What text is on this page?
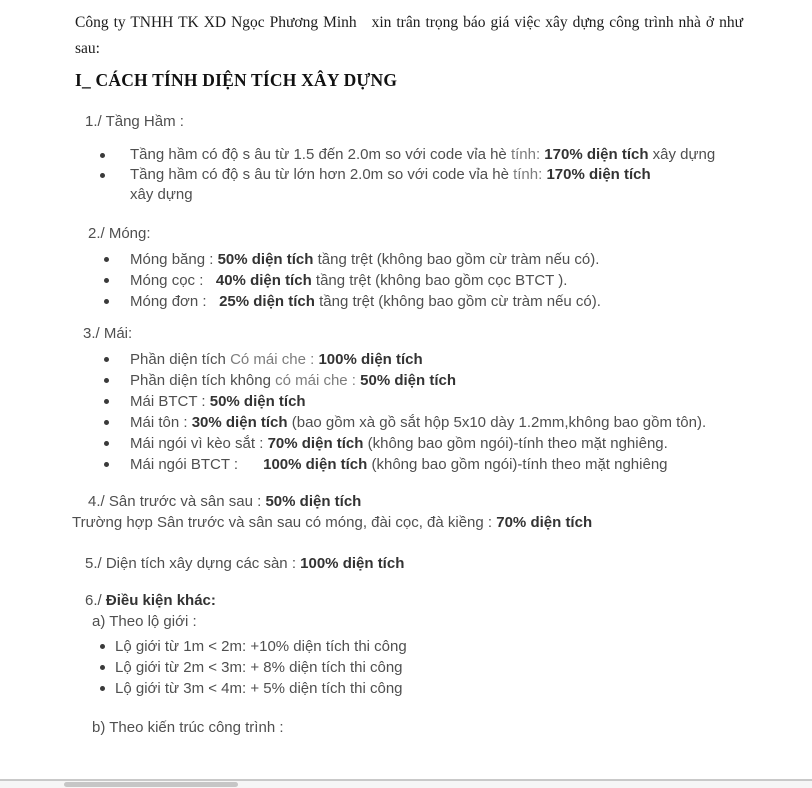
Công ty TNHH TK XD Ngọc Phương Minh   xin trân trọng báo giá việc xây dựng công trình nhà ở như sau:

I_ CÁCH TÍNH DIỆN TÍCH XÂY DỰNG
1./ Tầng Hầm :
Tầng hầm có độ s âu từ 1.5 đến 2.0m so với code vỉa hè tính: 170% diện tích xây dựng
Tầng hầm có độ s âu từ lớn hơn 2.0m so với code vỉa hè tính: 170% diện tích xây dựng
2./ Móng:
Móng băng : 50% diện tích tầng trệt (không bao gồm cừ tràm nếu có).
Móng cọc :   40% diện tích tầng trệt (không bao gồm cọc BTCT ).
Móng đơn :   25% diện tích tầng trệt (không bao gồm cừ tràm nếu có).
3./ Mái:
Phần diện tích Có mái che : 100% diện tích
Phần diện tích không có mái che : 50% diện tích
Mái BTCT : 50% diện tích
Mái tôn : 30% diện tích (bao gồm xà gồ sắt hộp 5x10 dày 1.2mm,không bao gồm tôn).
Mái ngói vì kèo sắt : 70% diện tích (không bao gồm ngói)-tính theo mặt nghiêng.
Mái ngói BTCT :      100% diện tích (không bao gồm ngói)-tính theo mặt nghiêng
4./ Sân trước và sân sau : 50% diện tích
Trường hợp Sân trước và sân sau có móng, đài cọc, đà kiềng : 70% diện tích
5./ Diện tích xây dựng các sàn : 100% diện tích
6./ Điều kiện khác:
a) Theo lộ giới :
Lộ giới từ 1m < 2m: +10% diện tích thi công
Lộ giới từ 2m < 3m: + 8% diện tích thi công
Lộ giới từ 3m < 4m: + 5% diện tích thi công
b) Theo kiến trúc công trình :
